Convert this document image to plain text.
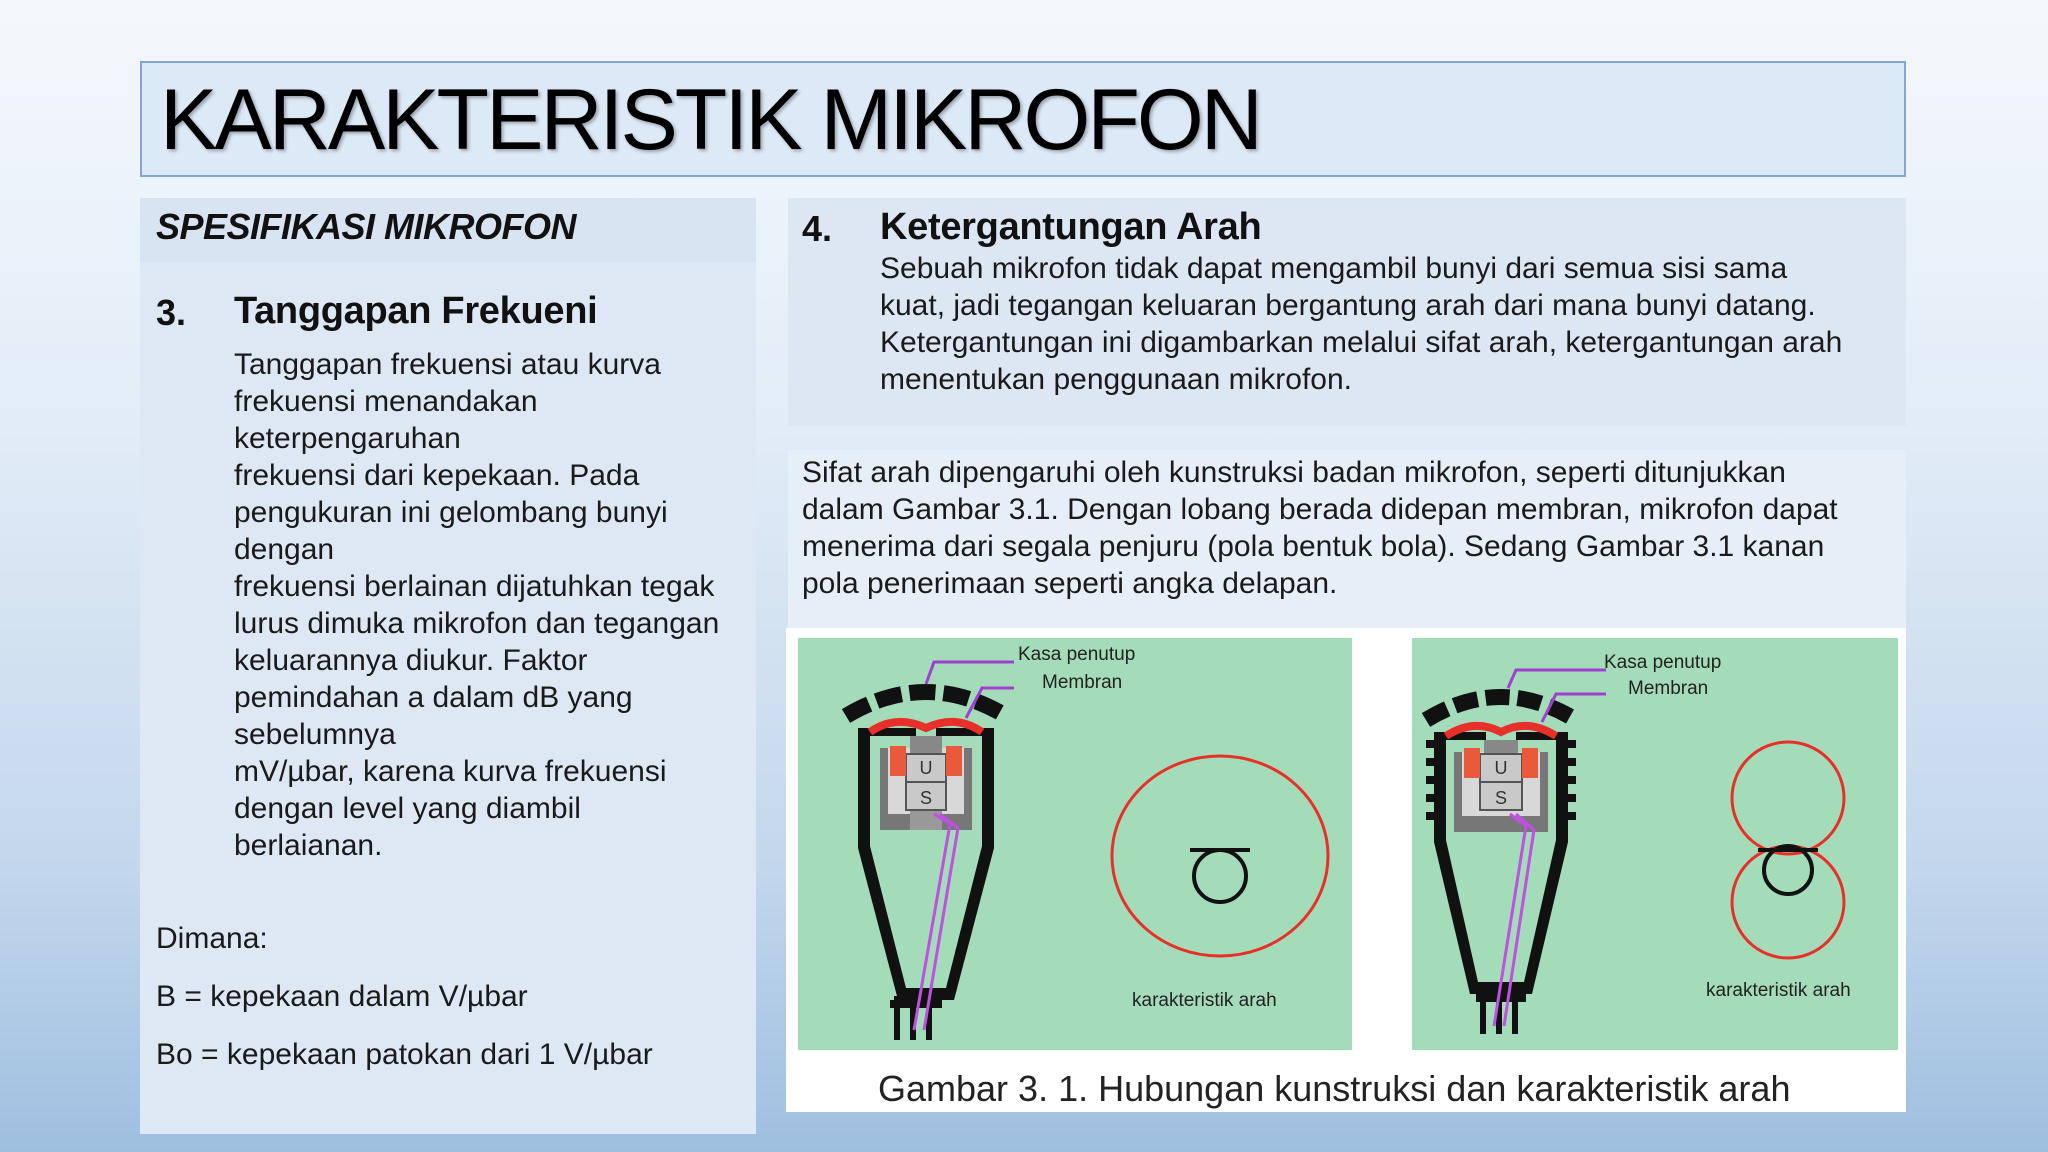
KARAKTERISTIK MIKROFON
SPESIFIKASI MIKROFON
3. Tanggapan Frekueni

Tanggapan frekuensi atau kurva
frekuensi menandakan
keterpengaruhan
frekuensi dari kepekaan. Pada
pengukuran ini gelombang bunyi
dengan
frekuensi berlainan dijatuhkan tegak
lurus dimuka mikrofon dan tegangan
keluarannya diukur. Faktor
pemindahan a dalam dB yang
sebelumnya
mV/µbar, karena kurva frekuensi
dengan level yang diambil
berlaianan.

Dimana:
B = kepekaan dalam V/µbar
Bo = kepekaan patokan dari 1 V/µbar
4. Ketergantungan Arah

Sebuah mikrofon tidak dapat mengambil bunyi dari semua sisi sama
kuat, jadi tegangan keluaran bergantung arah dari mana bunyi datang.
Ketergantungan ini digambarkan melalui sifat arah, ketergantungan arah
menentukan penggunaan mikrofon.

Sifat arah dipengaruhi oleh kunstruksi badan mikrofon, seperti ditunjukkan
dalam Gambar 3.1. Dengan lobang berada didepan membran, mikrofon dapat
menerima dari segala penjuru (pola bentuk bola). Sedang Gambar 3.1 kanan
pola penerimaan seperti angka delapan.

Kasa penutup
Membran
U
S
karakteristik arah
Kasa penutup
Membran
U
S
karakteristik arah
Gambar 3. 1. Hubungan kunstruksi dan karakteristik arah
